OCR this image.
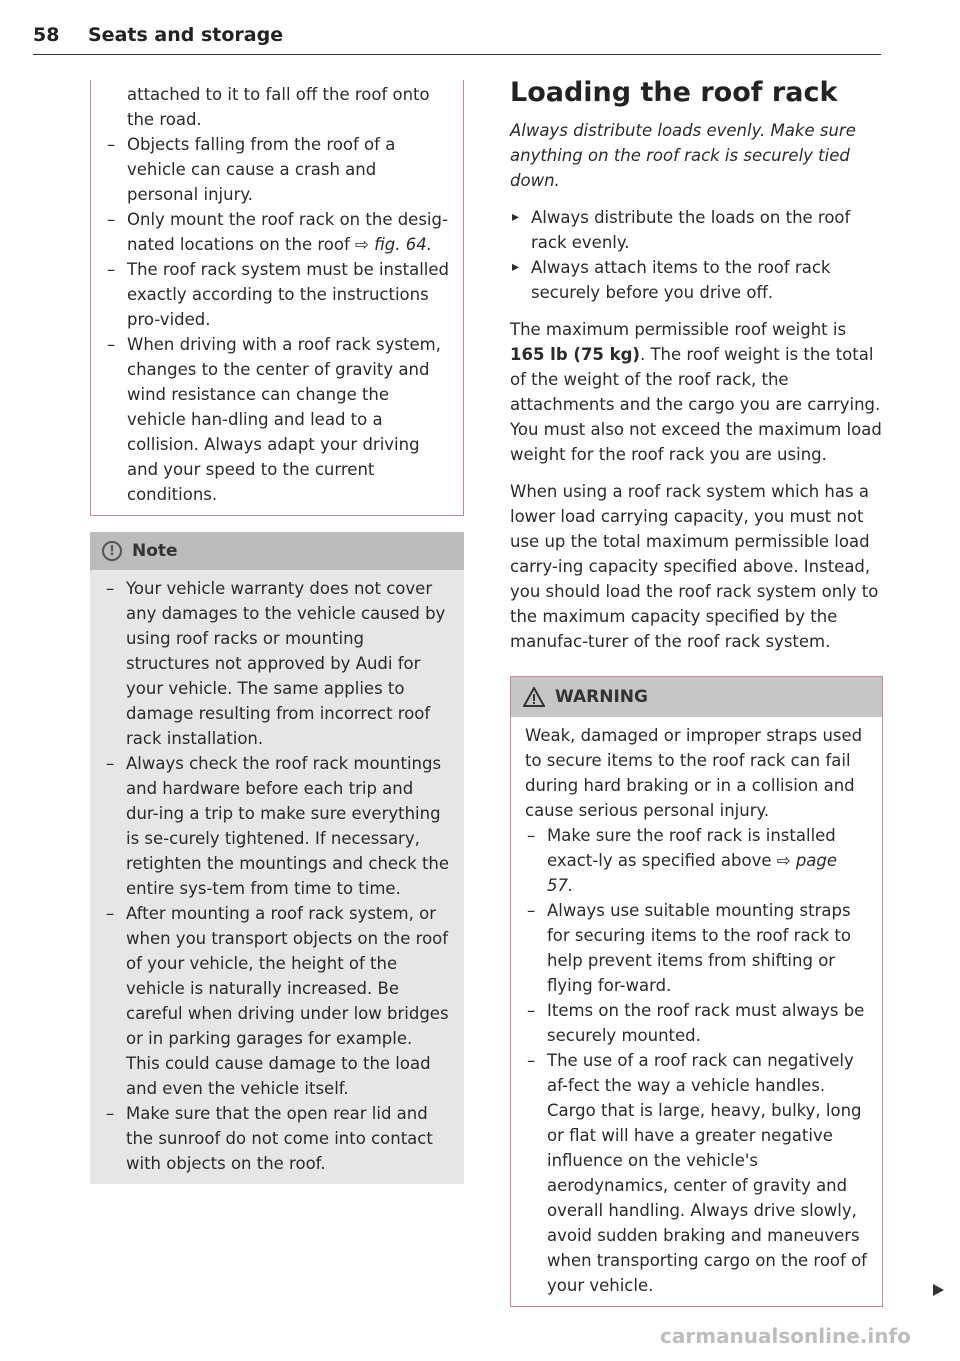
58 Seats and storage
attached to it to fall off the roof onto the road.
– Objects falling from the roof of a vehicle can cause a crash and personal injury.
– Only mount the roof rack on the desig-nated locations on the roof ⇨ fig. 64.
– The roof rack system must be installed exactly according to the instructions pro-vided.
– When driving with a roof rack system, changes to the center of gravity and wind resistance can change the vehicle han-dling and lead to a collision. Always adapt your driving and your speed to the current conditions.
!	Note
– Your vehicle warranty does not cover any damages to the vehicle caused by using roof racks or mounting structures not approved by Audi for your vehicle. The same applies to damage resulting from incorrect roof rack installation.
– Always check the roof rack mountings and hardware before each trip and dur-ing a trip to make sure everything is se-curely tightened. If necessary, retighten the mountings and check the entire sys-tem from time to time.
– After mounting a roof rack system, or when you transport objects on the roof of your vehicle, the height of the vehicle is naturally increased. Be careful when driving under low bridges or in parking garages for example. This could cause damage to the load and even the vehicle itself.
– Make sure that the open rear lid and the sunroof do not come into contact with objects on the roof.
Loading the roof rack

Always distribute loads evenly. Make sure anything on the roof rack is securely tied down.

▸ Always distribute the loads on the roof rack evenly.
▸ Always attach items to the roof rack securely before you drive off.

The maximum permissible roof weight is 165 lb (75 kg). The roof weight is the total of the weight of the roof rack, the attachments and the cargo you are carrying. You must also not exceed the maximum load weight for the roof rack you are using.

When using a roof rack system which has a lower load carrying capacity, you must not use up the total maximum permissible load carry-ing capacity specified above. Instead, you should load the roof rack system only to the maximum capacity specified by the manufac-turer of the roof rack system.

WARNING
Weak, damaged or improper straps used to secure items to the roof rack can fail during hard braking or in a collision and cause serious personal injury.
– Make sure the roof rack is installed exact-ly as specified above ⇨ page 57.
– Always use suitable mounting straps for securing items to the roof rack to help prevent items from shifting or flying for-ward.
– Items on the roof rack must always be securely mounted.
– The use of a roof rack can negatively af-fect the way a vehicle handles. Cargo that is large, heavy, bulky, long or flat will have a greater negative influence on the vehicle's aerodynamics, center of gravity and overall handling. Always drive slowly, avoid sudden braking and maneuvers when transporting cargo on the roof of your vehicle.
carmanualsonline.info
